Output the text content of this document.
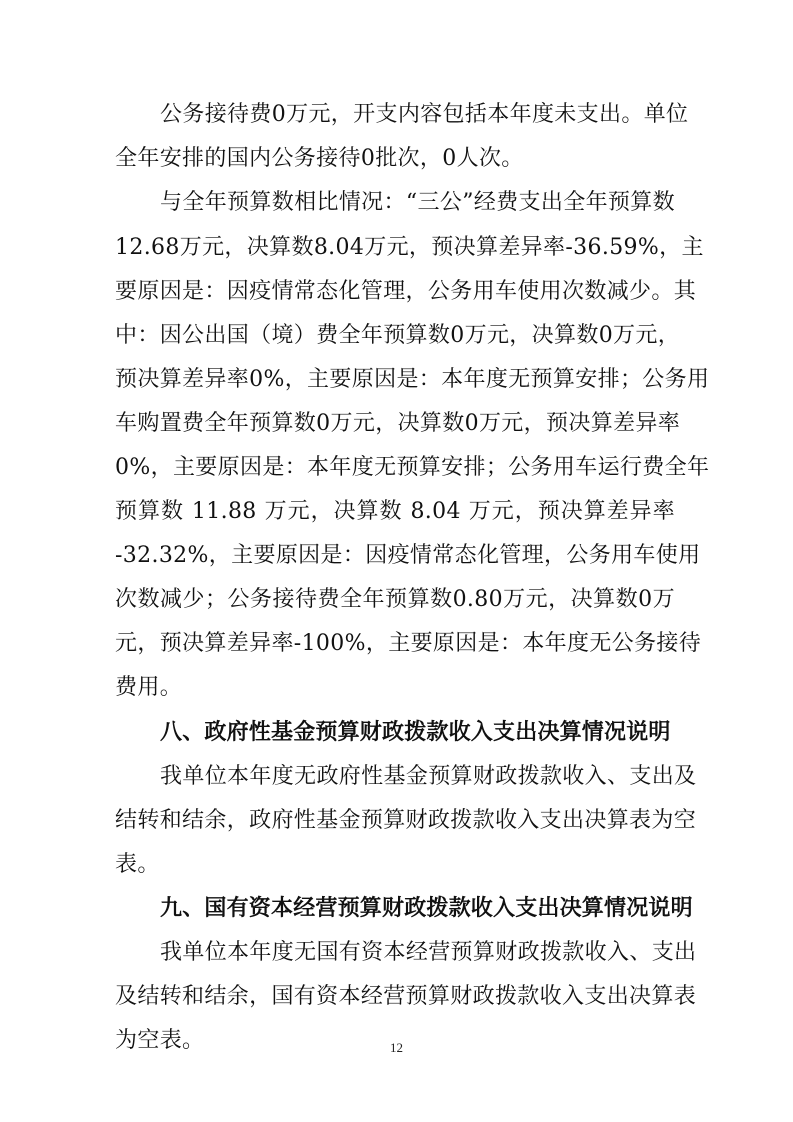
公务接待费0万元，开支内容包括本年度未支出。单位
全年安排的国内公务接待0批次，0人次。
与全年预算数相比情况：“三公”经费支出全年预算数
12.68万元，决算数8.04万元，预决算差异率-36.59%，主
要原因是：因疫情常态化管理，公务用车使用次数减少。其
中：因公出国（境）费全年预算数0万元，决算数0万元，
预决算差异率0%，主要原因是：本年度无预算安排；公务用
车购置费全年预算数0万元，决算数0万元，预决算差异率
0%，主要原因是：本年度无预算安排；公务用车运行费全年
预算数 11.88 万元，决算数 8.04 万元，预决算差异率
-32.32%，主要原因是：因疫情常态化管理，公务用车使用
次数减少；公务接待费全年预算数0.80万元，决算数0万
元，预决算差异率-100%，主要原因是：本年度无公务接待
费用。
八、政府性基金预算财政拨款收入支出决算情况说明
我单位本年度无政府性基金预算财政拨款收入、支出及
结转和结余，政府性基金预算财政拨款收入支出决算表为空
表。
九、国有资本经营预算财政拨款收入支出决算情况说明
我单位本年度无国有资本经营预算财政拨款收入、支出
及结转和结余，国有资本经营预算财政拨款收入支出决算表
为空表。	12
